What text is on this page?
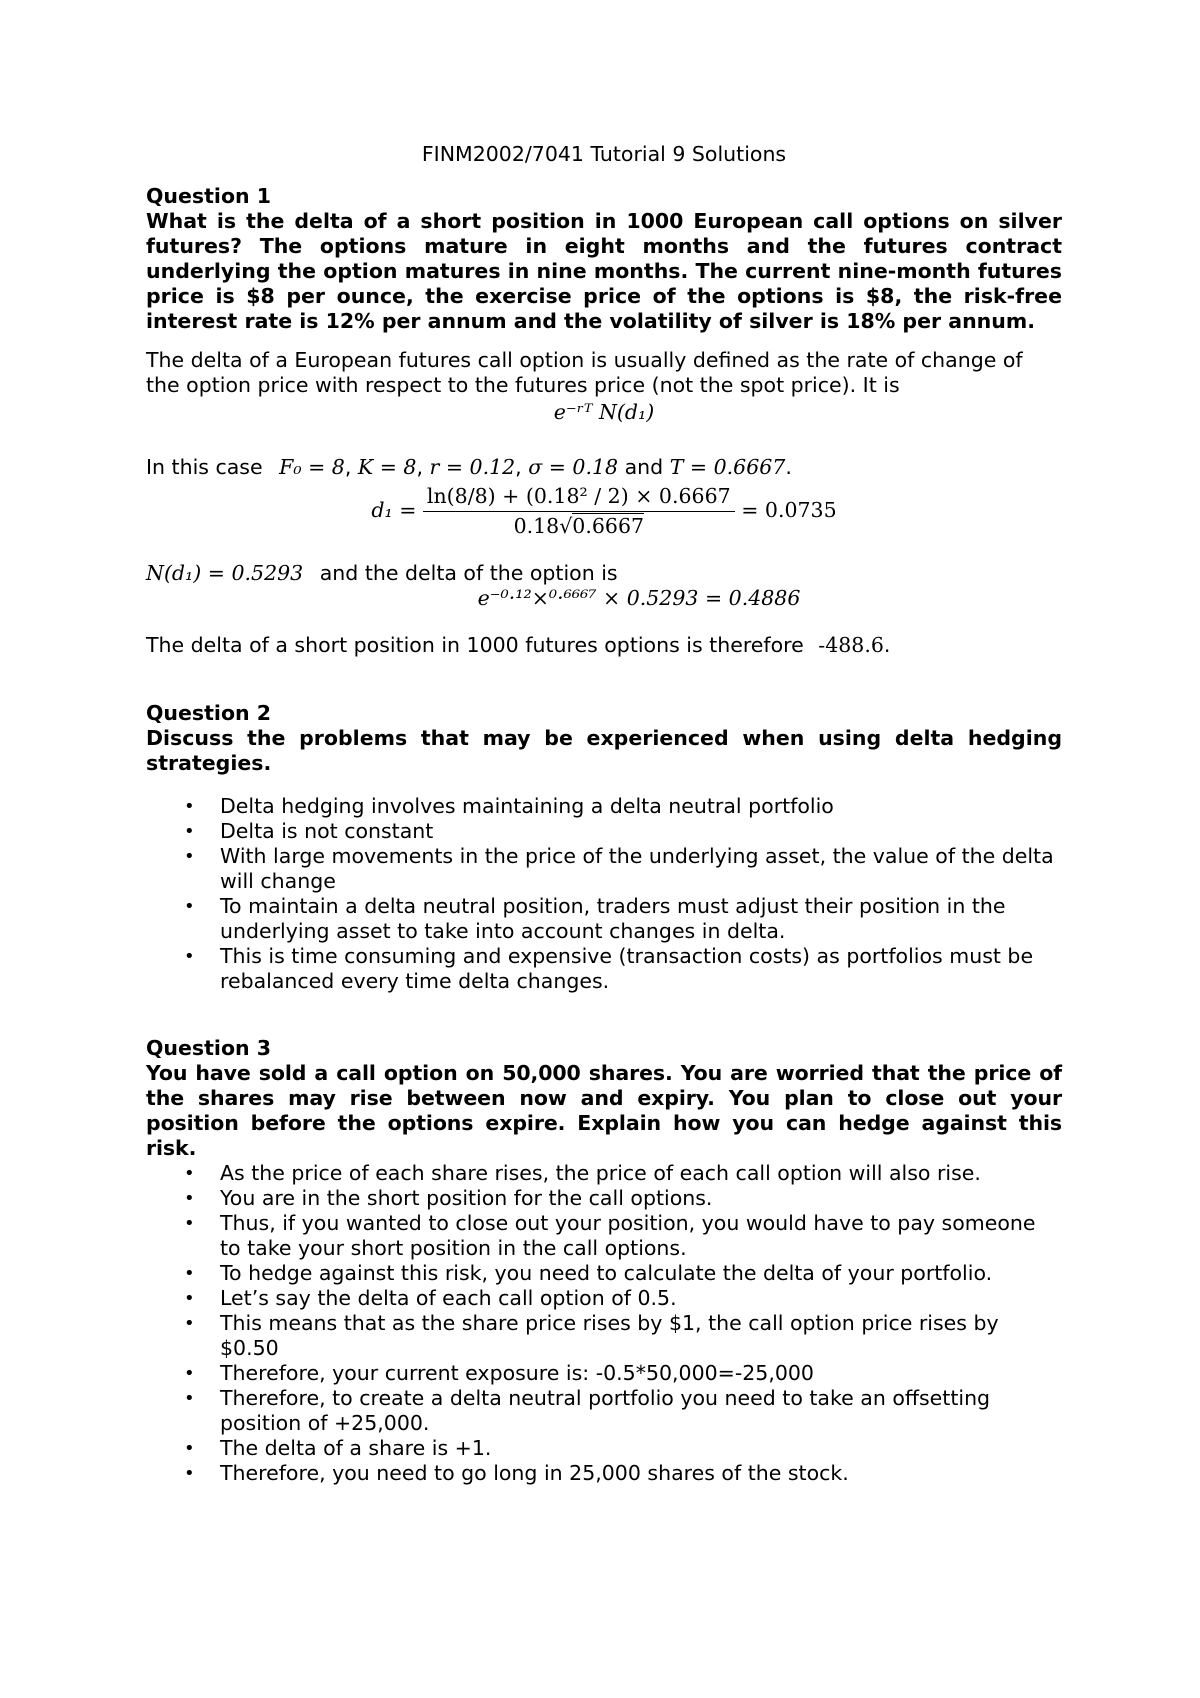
FINM2002/7041 Tutorial 9 Solutions

Question 1

What is the delta of a short position in 1000 European call options on silver futures? The options mature in eight months and the futures contract underlying the option matures in nine months. The current nine-month futures price is $8 per ounce, the exercise price of the options is $8, the risk-free interest rate is 12% per annum and the volatility of silver is 18% per annum.

The delta of a European futures call option is usually defined as the rate of change of the option price with respect to the futures price (not the spot price). It is

e⁻ʳᵀ N(d₁)

In this case F₀ = 8, K = 8, r = 0.12, σ = 0.18 and T = 0.6667.

$d_1 = \frac{\text{ln(8/8) + (0.18² / 2) × 0.6667}}{0.18√0.6667} = 0.0735$

N(d₁) = 0.5293 and the delta of the option is

e⁻⁰·¹²×⁰·⁶⁶⁶⁷ × 0.5293 = 0.4886

The delta of a short position in 1000 futures options is therefore -488.6.

Question 2

Discuss the problems that may be experienced when using delta hedging strategies.

• Delta hedging involves maintaining a delta neutral portfolio
• Delta is not constant
• With large movements in the price of the underlying asset, the value of the delta will change
• To maintain a delta neutral position, traders must adjust their position in the underlying asset to take into account changes in delta.
• This is time consuming and expensive (transaction costs) as portfolios must be rebalanced every time delta changes.

Question 3

You have sold a call option on 50,000 shares. You are worried that the price of the shares may rise between now and expiry. You plan to close out your position before the options expire. Explain how you can hedge against this risk.

• As the price of each share rises, the price of each call option will also rise.
• You are in the short position for the call options.
• Thus, if you wanted to close out your position, you would have to pay someone to take your short position in the call options.
• To hedge against this risk, you need to calculate the delta of your portfolio.
• Let’s say the delta of each call option of 0.5.
• This means that as the share price rises by $1, the call option price rises by $0.50
• Therefore, your current exposure is: -0.5*50,000=-25,000
• Therefore, to create a delta neutral portfolio you need to take an offsetting position of +25,000.
• The delta of a share is +1.
• Therefore, you need to go long in 25,000 shares of the stock.
